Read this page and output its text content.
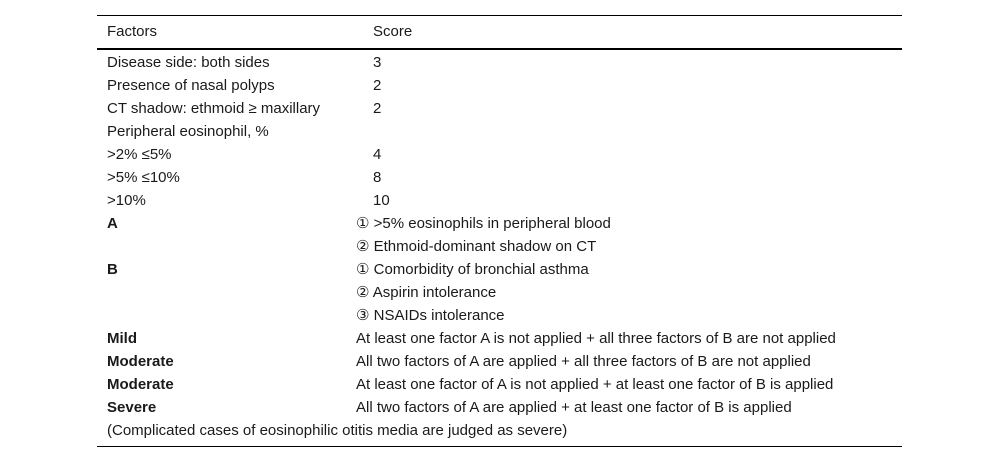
Factors	Score
Disease side: both sides	3
Presence of nasal polyps	2
CT shadow: ethmoid ≥ maxillary	2
Peripheral eosinophil, %
>2% ≤5%	4
>5% ≤10%	8
>10%	10
A	① >5% eosinophils in peripheral blood
② Ethmoid-dominant shadow on CT
B	① Comorbidity of bronchial asthma
② Aspirin intolerance
③ NSAIDs intolerance
Mild	At least one factor A is not applied + all three factors of B are not applied
Moderate	All two factors of A are applied + all three factors of B are not applied
Moderate	At least one factor of A is not applied + at least one factor of B is applied
Severe	All two factors of A are applied + at least one factor of B is applied
(Complicated cases of eosinophilic otitis media are judged as severe)
